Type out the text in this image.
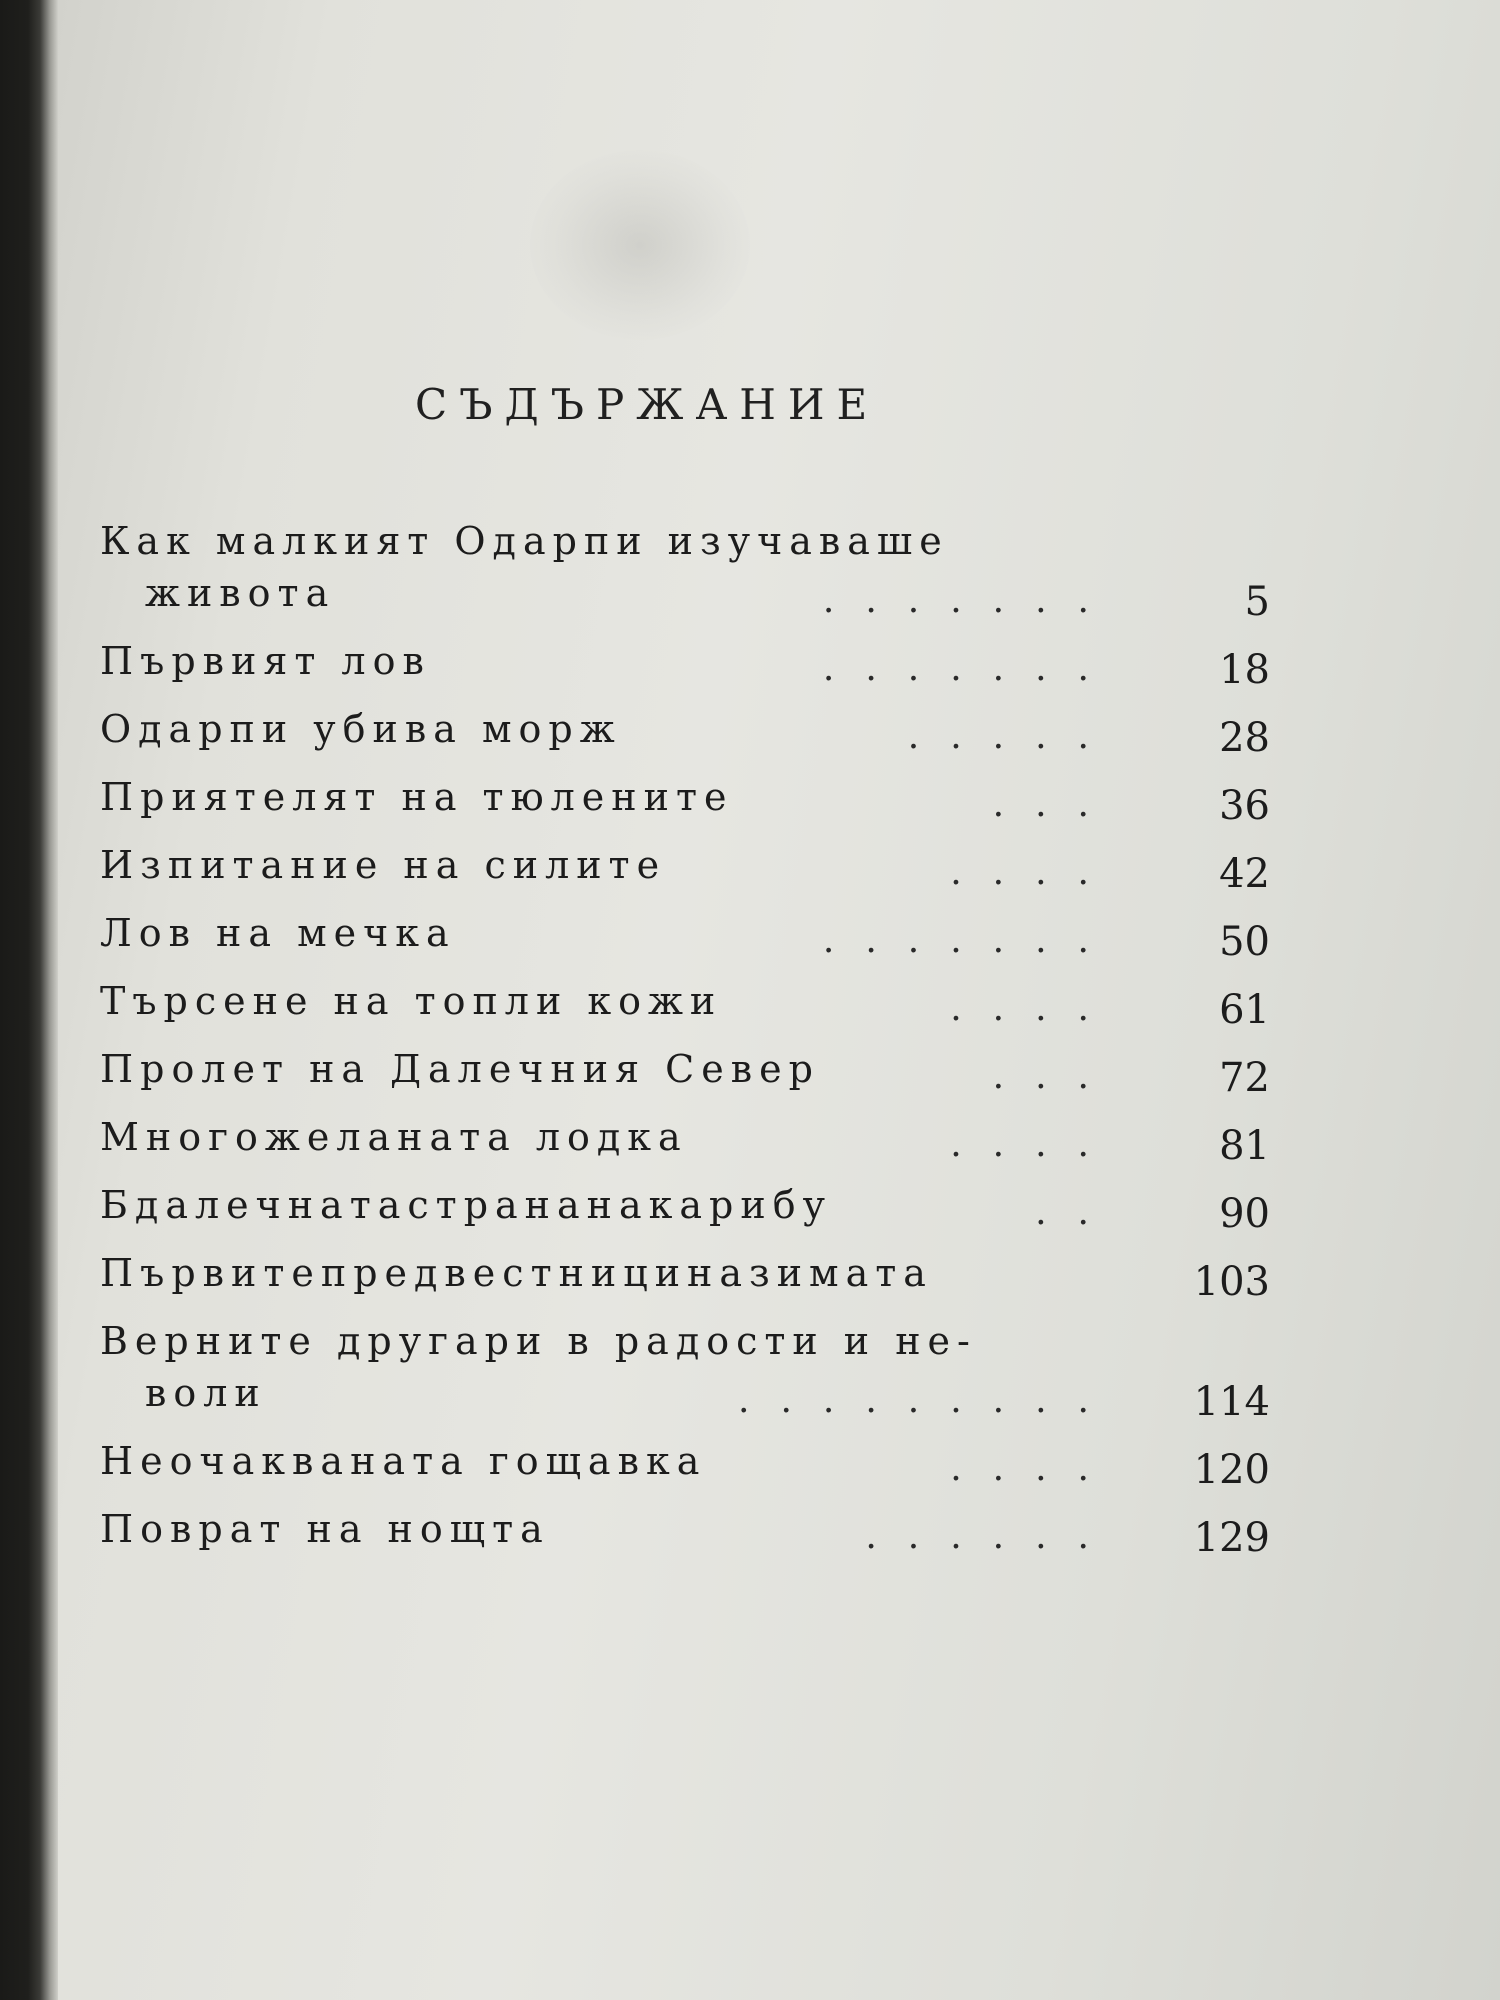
СЪДЪРЖАНИЕ
Как малкият Одарпи изучаваше
живота	.......	5
Първият лов	.......	18
Одарпи убива морж	.....	28
Приятелят на тюлените	...	36
Изпитание на силите	....	42
Лов на мечка	.......	50
Търсене на топли кожи	....	61
Пролет на Далечния Север	...	72
Многожеланата лодка	....	81
Бдалечнатастрананакарибу	..	90
Първитепредвестнициназимата	103
Верните другари в радости и не-
воли	.........	114
Неочакваната гощавка	....	120
Поврат на нощта	......	129
